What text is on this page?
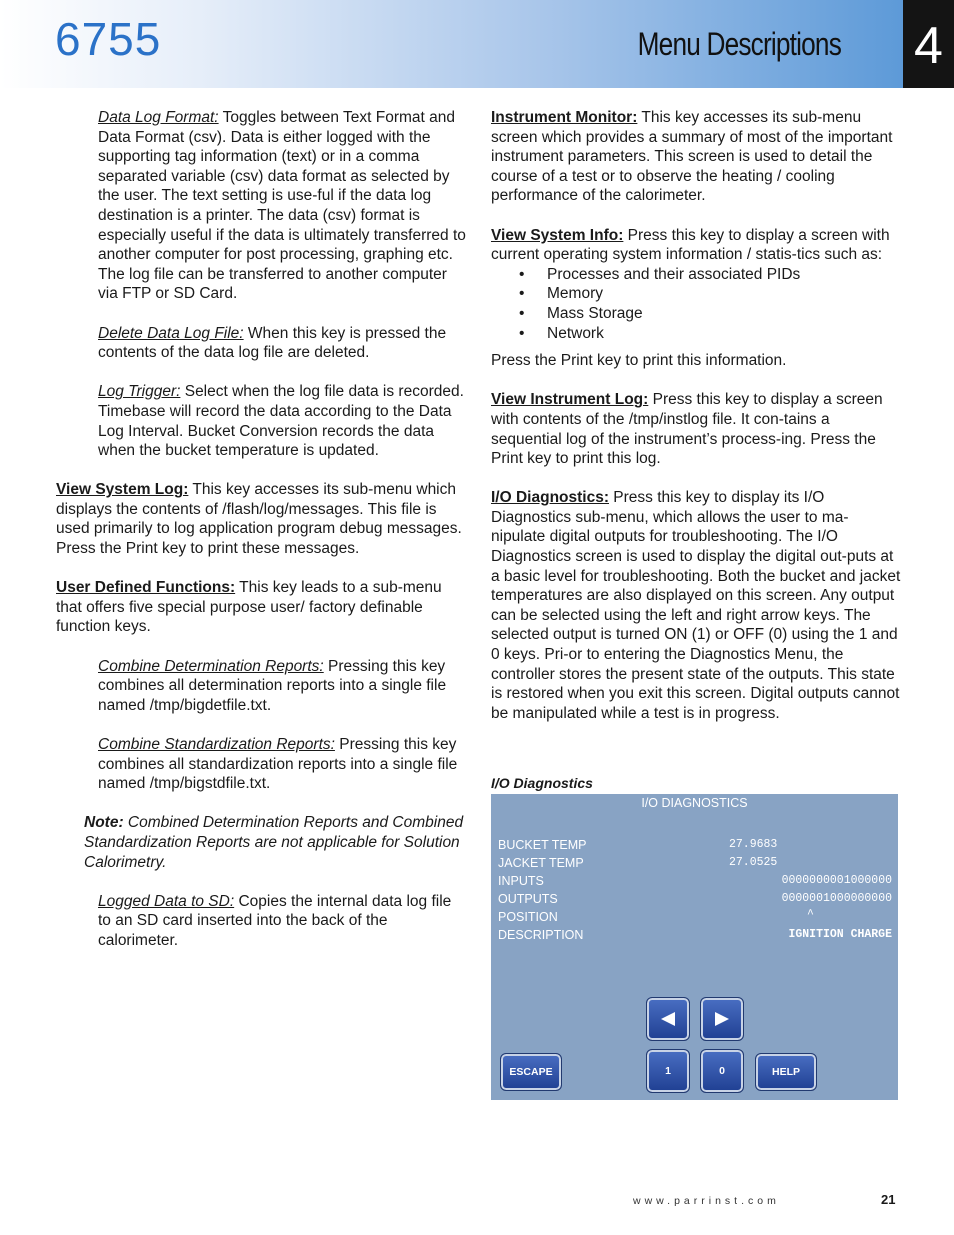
6755	Menu Descriptions 4

Data Log Format: Toggles between Text Format and Data Format (csv). Data is either logged with the supporting tag information (text) or in a comma separated variable (csv) data format as selected by the user. The text setting is use-ful if the data log destination is a printer. The data (csv) format is especially useful if the data is ultimately transferred to another computer for post processing, graphing etc. The log file can be transferred to another computer via FTP or SD Card.

Delete Data Log File: When this key is pressed the contents of the data log file are deleted.

Log Trigger: Select when the log file data is recorded. Timebase will record the data according to the Data Log Interval. Bucket Conversion records the data when the bucket temperature is updated.

View System Log: This key accesses its sub-menu which displays the contents of /flash/log/messages. This file is used primarily to log application program debug messages. Press the Print key to print these messages.

User Defined Functions: This key leads to a sub-menu that offers five special purpose user/ factory definable function keys.

Combine Determination Reports: Pressing this key combines all determination reports into a single file named /tmp/bigdetfile.txt.

Combine Standardization Reports: Pressing this key combines all standardization reports into a single file named /tmp/bigstdfile.txt.

Note: Combined Determination Reports and Combined Standardization Reports are not applicable for Solution Calorimetry.

Logged Data to SD: Copies the internal data log file to an SD card inserted into the back of the calorimeter.

Instrument Monitor: This key accesses its sub-menu screen which provides a summary of most of the important instrument parameters. This screen is used to detail the course of a test or to observe the heating / cooling performance of the calorimeter.

View System Info: Press this key to display a screen with current operating system information / statis-tics such as:

• Processes and their associated PIDs
• Memory
• Mass Storage
• Network

Press the Print key to print this information.

View Instrument Log: Press this key to display a screen with contents of the /tmp/instlog file. It con-tains a sequential log of the instrument’s process-ing. Press the Print key to print this log.

I/O Diagnostics: Press this key to display its I/O Diagnostics sub-menu, which allows the user to ma-nipulate digital outputs for troubleshooting. The I/O Diagnostics screen is used to display the digital out-puts at a basic level for troubleshooting. Both the bucket and jacket temperatures are also displayed on this screen. Any output can be selected using the left and right arrow keys. The selected output is turned ON (1) or OFF (0) using the 1 and 0 keys. Pri-or to entering the Diagnostics Menu, the controller stores the present state of the outputs. This state is restored when you exit this screen. Digital outputs cannot be manipulated while a test is in progress.

I/O Diagnostics
I/O DIAGNOSTICS
BUCKET TEMP	27.9683
JACKET TEMP	27.0525
INPUTS	0000000001000000
OUTPUTS	0000001000000000
POSITION	^
DESCRIPTION	IGNITION CHARGE
ESCAPE	1	0	HELP
www.parrinst.com	21
